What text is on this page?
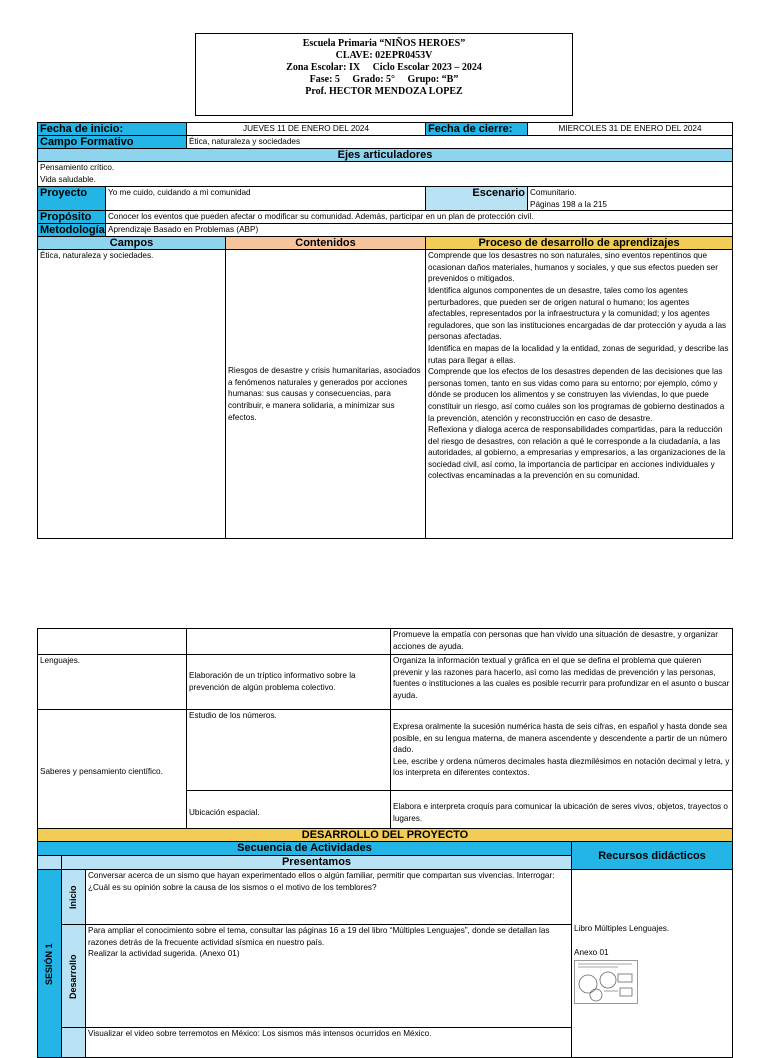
Escuela Primaria “NIÑOS HEROES”
CLAVE: 02EPR0453V
Zona Escolar: IX     Ciclo Escolar 2023 – 2024
Fase: 5     Grado: 5°     Grupo: “B”
Prof. HECTOR MENDOZA LOPEZ
Fecha de inicio:		JUEVES 11 DE ENERO DEL 2024		Fecha de cierre:	MIERCOLES 31 DE ENERO DEL 2024
Campo Formativo		Ética, naturaleza y sociedades			
Ejes articuladores					

Pensamiento crítico.
Vida saludable.					

Proyecto	Yo me cuido, cuidando a mi comunidad			Escenario	Comunitario.
Páginas 198 a la 215

Propósito	Conocer los eventos que pueden afectar o modificar su comunidad. Además, participar en un plan de protección civil.				
Metodología	Aprendizaje Basado en Problemas (ABP)				
Campos			Contenidos	Proceso de desarrollo de aprendizajes	
Ética, naturaleza y sociedades.			Riesgos de desastre y crisis humanitarias, asociados a fenómenos naturales y generados por acciones humanas: sus causas y consecuencias, para contribuir, e manera solidaria, a minimizar sus efectos.	Comprende que los desastres no son naturales, sino eventos repentinos que ocasionan daños materiales, humanos y sociales, y que sus efectos pueden ser prevenidos o mitigados.
Identifica algunos componentes de un desastre, tales como los agentes perturbadores, que pueden ser de origen natural o humano; los agentes afectables, representados por la infraestructura y la comunidad; y los agentes reguladores, que son las instituciones encargadas de dar protección y ayuda a las personas afectadas.
Identifica en mapas de la localidad y la entidad, zonas de seguridad, y describe las rutas para llegar a ellas.
Comprende que los efectos de los desastres dependen de las decisiones que las personas tomen, tanto en sus vidas como para su entorno; por ejemplo, cómo y dónde se producen los alimentos y se construyen las viviendas, lo que puede constituir un riesgo, así como cuáles son los programas de gobierno destinados a la prevención, atención y reconstrucción en caso de desastre.
Reflexiona y dialoga acerca de responsabilidades compartidas, para la reducción del riesgo de desastres, con relación a qué le corresponde a la ciudadanía, a las autoridades, al gobierno, a empresarias y empresarios, a las organizaciones de la sociedad civil, así como, la importancia de participar en acciones individuales y colectivas encaminadas a la prevención en su comunidad.	
		Promueve la empatía con personas que han vivido una situación de desastre, y organizar acciones de ayuda.
Lenguajes.	Elaboración de un tríptico informativo sobre la prevención de algún problema colectivo.	Organiza la información textual y gráfica en el que se defina el problema que quieren prevenir y las razones para hacerlo, así como las medidas de prevención y las personas, fuentes o instituciones a las cuales es posible recurrir para profundizar en el asunto o buscar ayuda.
Saberes y pensamiento científico.	Estudio de los números.	Expresa oralmente la sucesión numérica hasta de seis cifras, en español y hasta donde sea posible, en su lengua materna, de manera ascendente y descendente a partir de un número dado.
Lee, escribe y ordena números decimales hasta diezmilésimos en notación decimal y letra, y los interpreta en diferentes contextos.

	Ubicación espacial.	Elabora e interpreta croquis para comunicar la ubicación de seres vivos, objetos, trayectos o lugares.
DESARROLLO DEL PROYECTO			
Secuencia de Actividades			Recursos didácticos
	Presentamos		
SESIÓN 1	Inicio	Conversar acerca de un sismo que hayan experimentado ellos o algún familiar, permitir que compartan sus vivencias. Interrogar: ¿Cuál es su opinión sobre la causa de los sismos o el motivo de los temblores?	Libro Múltiples Lenguajes.
Anexo 01

	Desarrollo	Para ampliar el conocimiento sobre el tema, consultar las páginas 16 a 19 del libro “Múltiples Lenguajes”, donde se detallan las razones detrás de la frecuente actividad sísmica en nuestro país.
Realizar la actividad sugerida. (Anexo 01)	

		Visualizar el video sobre terremotos en México: Los sismos más intensos ocurridos en México.	
